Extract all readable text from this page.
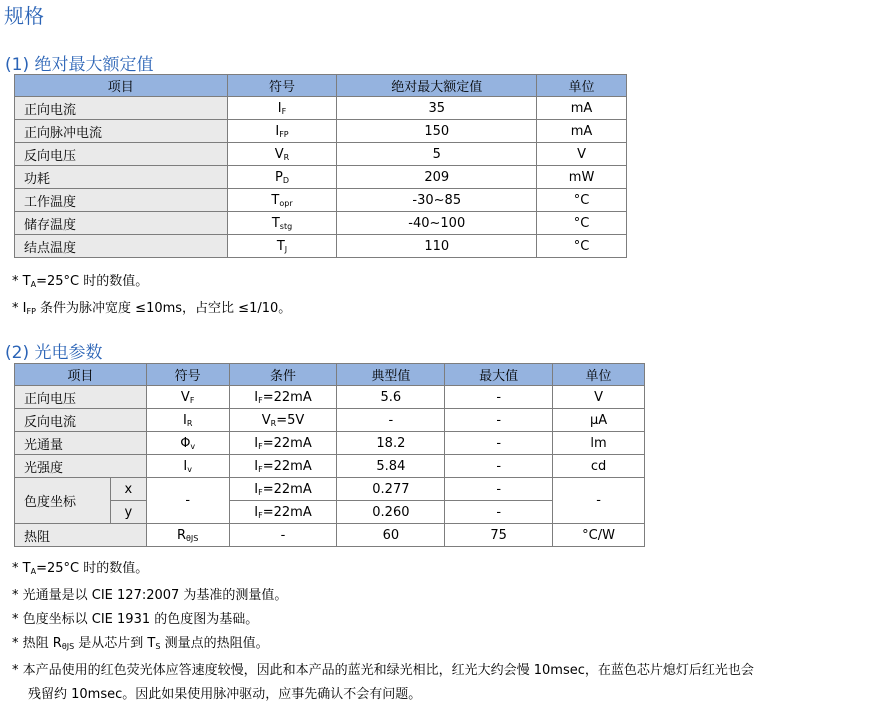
规格
(1) 绝对最大额定值
项目	符号	绝对最大额定值	单位
正向电流	$I_F$	35	mA
正向脉冲电流	$I_{FP}$	150	mA
反向电压	$V_R$	5	V
功耗	$P_D$	209	mW
工作温度	$T_{opr}$	-30~85	°C
储存温度	$T_{stg}$	-40~100	°C
结点温度	$T_J$	110	°C
* $T_A=25^\circ C$ 时的数值。
* $I_{FP}$ 条件为脉冲宽度 ≤10ms，占空比 ≤1/10。
(2) 光电参数
项目		符号	条件	典型值	最大值	单位
正向电压		$V_F$	$I_F=22mA$	5.6	-	V
反向电流		$I_R$	$V_R=5V$	-	-	μA
光通量		$\Phi_v$	$I_F=22mA$	18.2	-	lm
光强度		$I_v$	$I_F=22mA$	5.84	-	cd
色度坐标	x	-	$I_F=22mA$	0.277	-	-
	y		$I_F=22mA$	0.260	-	
热阻		$R_{\theta JS}$	-	60	75	°C/W
* $T_A=25^\circ C$ 时的数值。
* 光通量是以 CIE 127:2007 为基准的测量值。
* 色度坐标以 CIE 1931 的色度图为基础。
* 热阻 $R_{\theta JS}$ 是从芯片到 $T_S$ 测量点的热阻值。
* 本产品使用的红色荧光体应答速度较慢，因此和本产品的蓝光和绿光相比，红光大约会慢 10msec，在蓝色芯片熄灯后红光也会
残留约 10msec。因此如果使用脉冲驱动，应事先确认不会有问题。
